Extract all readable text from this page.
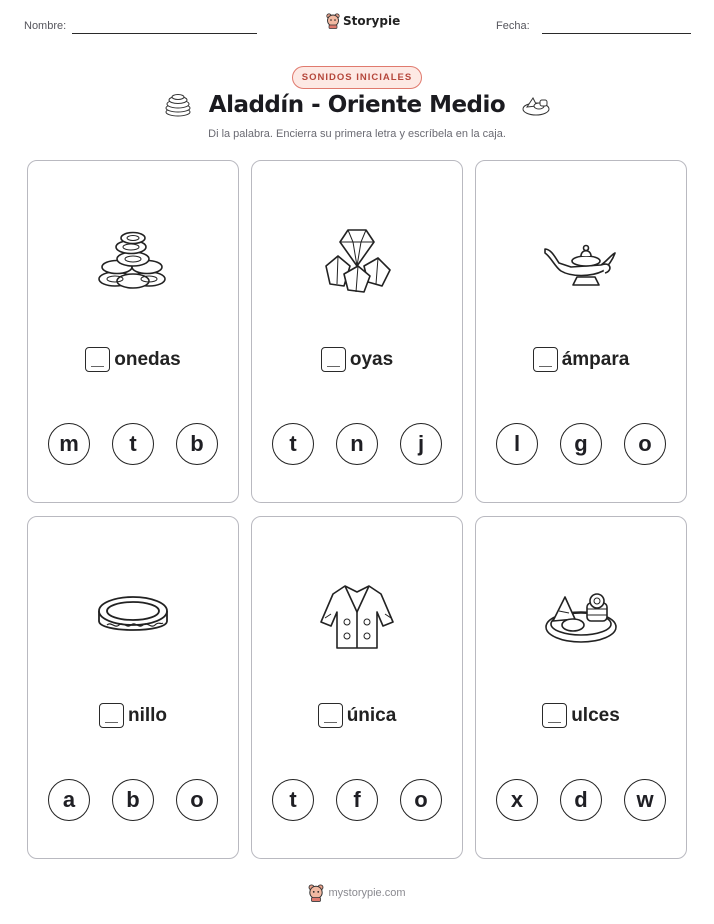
Nombre:	Storypie	Fecha:
SONIDOS INICIALES
Aladdín - Oriente Medio
Di la palabra. Encierra su primera letra y escríbela en la caja.
onedas
m	t	b
oyas
t	n	j
ámpara
l	g	o
nillo
a	b	o
única
t	f	o
ulces
x	d	w
mystorypie.com
